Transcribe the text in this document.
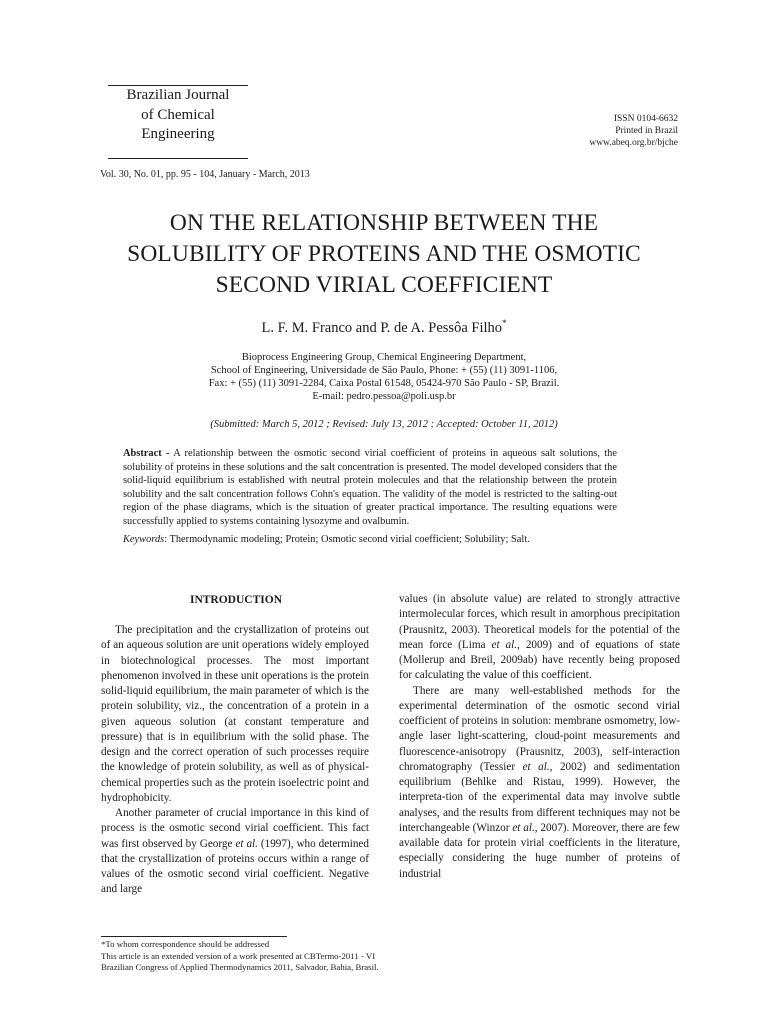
Brazilian Journal
of Chemical
Engineering
ISSN 0104-6632
Printed in Brazil
www.abeq.org.br/bjche
Vol. 30, No. 01, pp. 95 - 104, January - March, 2013
ON THE RELATIONSHIP BETWEEN THE
SOLUBILITY OF PROTEINS AND THE OSMOTIC
SECOND VIRIAL COEFFICIENT
L. F. M. Franco and P. de A. Pessôa Filho*
Bioprocess Engineering Group, Chemical Engineering Department,
School of Engineering, Universidade de São Paulo, Phone: + (55) (11) 3091-1106,
Fax: + (55) (11) 3091-2284, Caixa Postal 61548, 05424-970 São Paulo - SP, Brazil.
E-mail: pedro.pessoa@poli.usp.br
(Submitted: March 5, 2012 ; Revised: July 13, 2012 ; Accepted: October 11, 2012)
Abstract - A relationship between the osmotic second virial coefficient of proteins in aqueous salt solutions, the solubility of proteins in these solutions and the salt concentration is presented. The model developed considers that the solid-liquid equilibrium is established with neutral protein molecules and that the relationship between the protein solubility and the salt concentration follows Cohn's equation. The validity of the model is restricted to the salting-out region of the phase diagrams, which is the situation of greater practical importance. The resulting equations were successfully applied to systems containing lysozyme and ovalbumin.
Keywords: Thermodynamic modeling; Protein; Osmotic second virial coefficient; Solubility; Salt.
INTRODUCTION

The precipitation and the crystallization of proteins out of an aqueous solution are unit operations widely employed in biotechnological processes. The most important phenomenon involved in these unit operations is the protein solid-liquid equilibrium, the main parameter of which is the protein solubility, viz., the concentration of a protein in a given aqueous solution (at constant temperature and pressure) that is in equilibrium with the solid phase. The design and the correct operation of such processes require the knowledge of protein solubility, as well as of physical-chemical properties such as the protein isoelectric point and hydrophobicity.

Another parameter of crucial importance in this kind of process is the osmotic second virial coefficient. This fact was first observed by George et al. (1997), who determined that the crystallization of proteins occurs within a range of values of the osmotic second virial coefficient. Negative and large

values (in absolute value) are related to strongly attractive intermolecular forces, which result in amorphous precipitation (Prausnitz, 2003). Theoretical models for the potential of the mean force (Lima et al., 2009) and of equations of state (Mollerup and Breil, 2009ab) have recently being proposed for calculating the value of this coefficient.

There are many well-established methods for the experimental determination of the osmotic second virial coefficient of proteins in solution: membrane osmometry, low-angle laser light-scattering, cloud-point measurements and fluorescence-anisotropy (Prausnitz, 2003), self-interaction chromatography (Tessier et al., 2002) and sedimentation equilibrium (Behlke and Ristau, 1999). However, the interpreta-tion of the experimental data may involve subtle analyses, and the results from different techniques may not be interchangeable (Winzor et al., 2007). Moreover, there are few available data for protein virial coefficients in the literature, especially considering the huge number of proteins of industrial

*To whom correspondence should be addressed
This article is an extended version of a work presented at CBTermo-2011 - VI
Brazilian Congress of Applied Thermodynamics 2011, Salvador, Bahia, Brasil.
